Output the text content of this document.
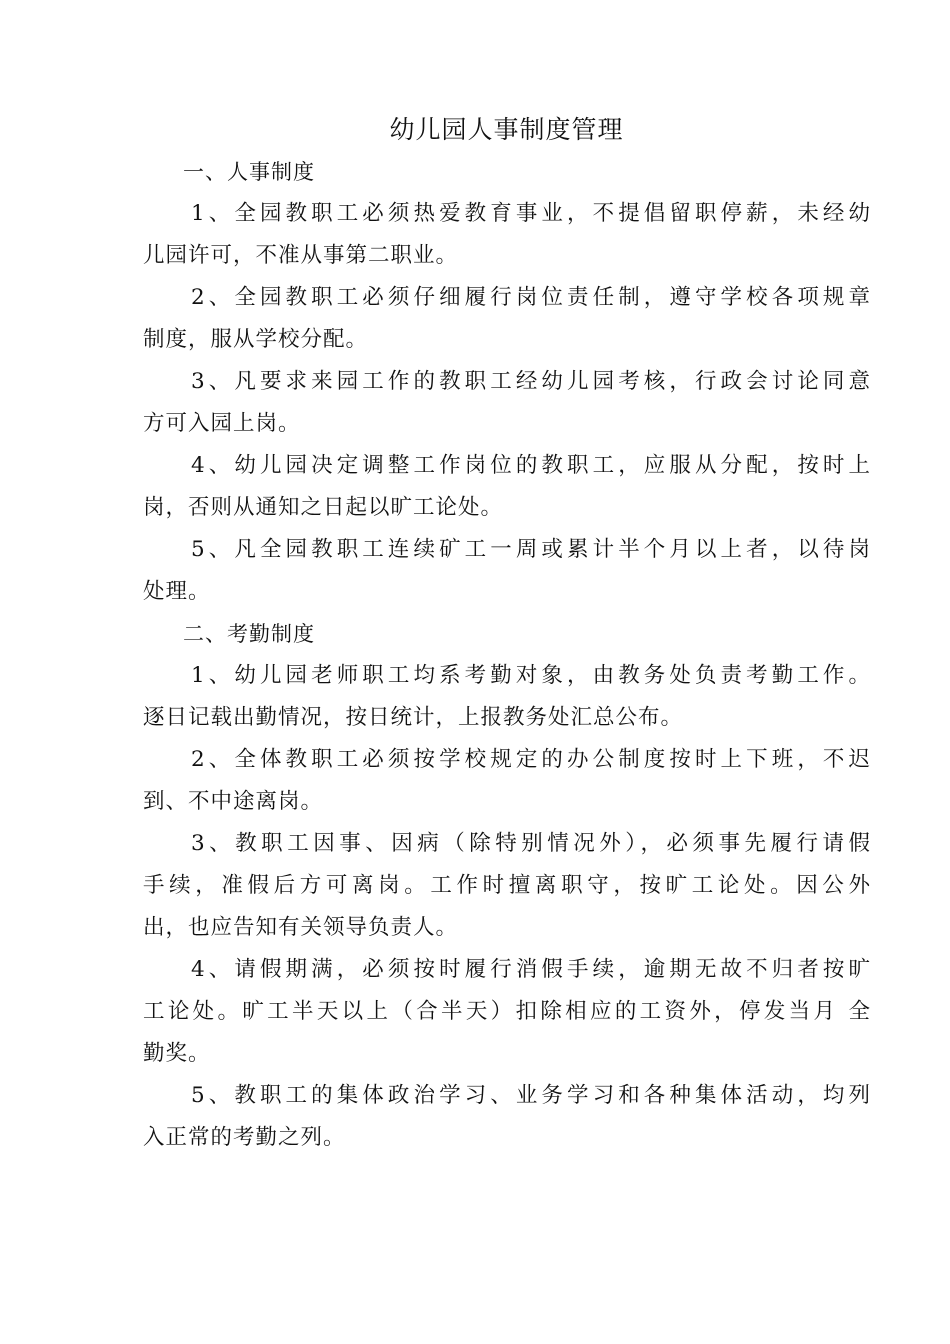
幼儿园人事制度管理
一、人事制度

1、全园教职工必须热爱教育事业，不提倡留职停薪，未经幼
儿园许可，不准从事第二职业。

2、全园教职工必须仔细履行岗位责任制，遵守学校各项规章
制度，服从学校分配。

3、凡要求来园工作的教职工经幼儿园考核，行政会讨论同意
方可入园上岗。

4、幼儿园决定调整工作岗位的教职工，应服从分配，按时上
岗，否则从通知之日起以旷工论处。

5、凡全园教职工连续矿工一周或累计半个月以上者，以待岗
处理。

二、考勤制度

1、幼儿园老师职工均系考勤对象，由教务处负责考勤工作。
逐日记载出勤情况，按日统计，上报教务处汇总公布。

2、全体教职工必须按学校规定的办公制度按时上下班，不迟
到、不中途离岗。

3、教职工因事、因病（除特别情况外），必须事先履行请假
手续，准假后方可离岗。工作时擅离职守，按旷工论处。因公外
出，也应告知有关领导负责人。

4、请假期满，必须按时履行消假手续，逾期无故不归者按旷
工论处。旷工半天以上（合半天）扣除相应的工资外，停发当月 全
勤奖。

5、教职工的集体政治学习、业务学习和各种集体活动，均列
入正常的考勤之列。
